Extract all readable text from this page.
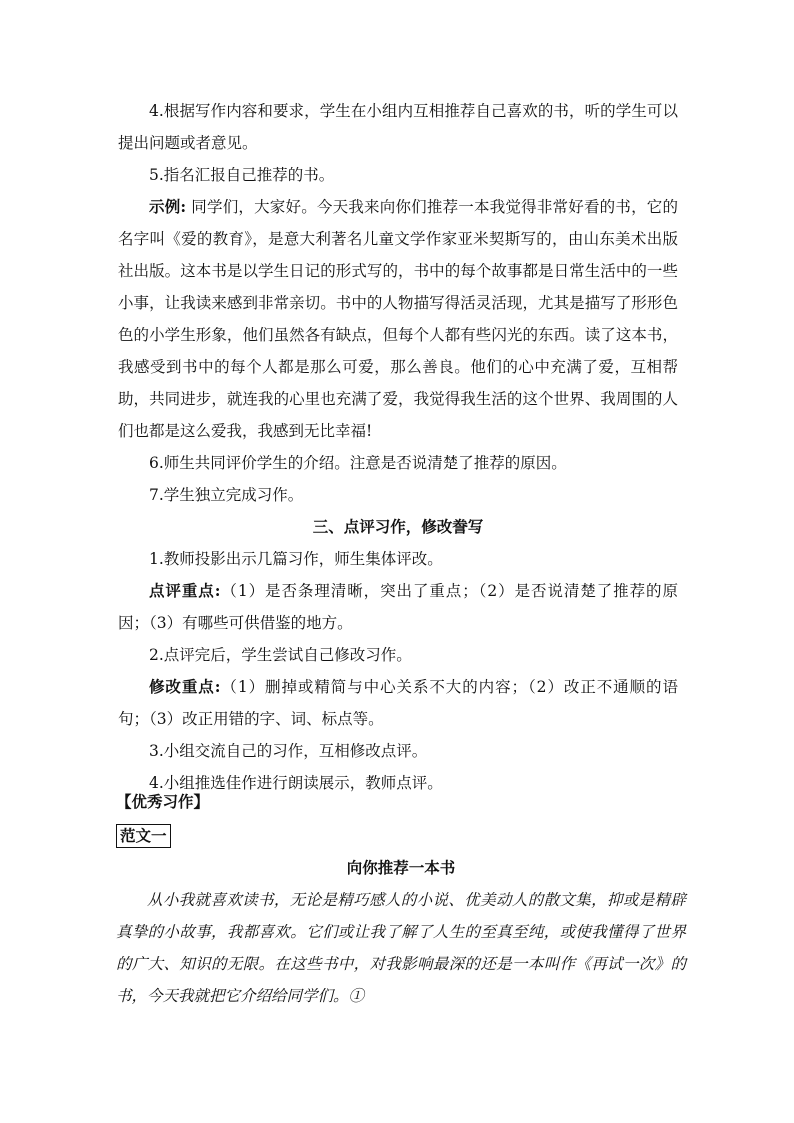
4.根据写作内容和要求，学生在小组内互相推荐自己喜欢的书，听的学生可以提出问题或者意见。

5.指名汇报自己推荐的书。

示例: 同学们，大家好。今天我来向你们推荐一本我觉得非常好看的书，它的名字叫《爱的教育》，是意大利著名儿童文学作家亚米契斯写的，由山东美术出版社出版。这本书是以学生日记的形式写的，书中的每个故事都是日常生活中的一些小事，让我读来感到非常亲切。书中的人物描写得活灵活现，尤其是描写了形形色色的小学生形象，他们虽然各有缺点，但每个人都有些闪光的东西。读了这本书，我感受到书中的每个人都是那么可爱，那么善良。他们的心中充满了爱，互相帮助，共同进步，就连我的心里也充满了爱，我觉得我生活的这个世界、我周围的人们也都是这么爱我，我感到无比幸福!

6.师生共同评价学生的介绍。注意是否说清楚了推荐的原因。

7.学生独立完成习作。

三、点评习作，修改誊写

1.教师投影出示几篇习作，师生集体评改。

点评重点:（1）是否条理清晰，突出了重点；（2）是否说清楚了推荐的原因；（3）有哪些可供借鉴的地方。

2.点评完后，学生尝试自己修改习作。

修改重点:（1）删掉或精简与中心关系不大的内容；（2）改正不通顺的语句；（3）改正用错的字、词、标点等。

3.小组交流自己的习作，互相修改点评。

4.小组推选佳作进行朗读展示，教师点评。

【优秀习作】

范文一

向你推荐一本书

从小我就喜欢读书，无论是精巧感人的小说、优美动人的散文集，抑或是精辟真挚的小故事，我都喜欢。它们或让我了解了人生的至真至纯，或使我懂得了世界的广大、知识的无限。在这些书中，对我影响最深的还是一本叫作《再试一次》的书，今天我就把它介绍给同学们。①
